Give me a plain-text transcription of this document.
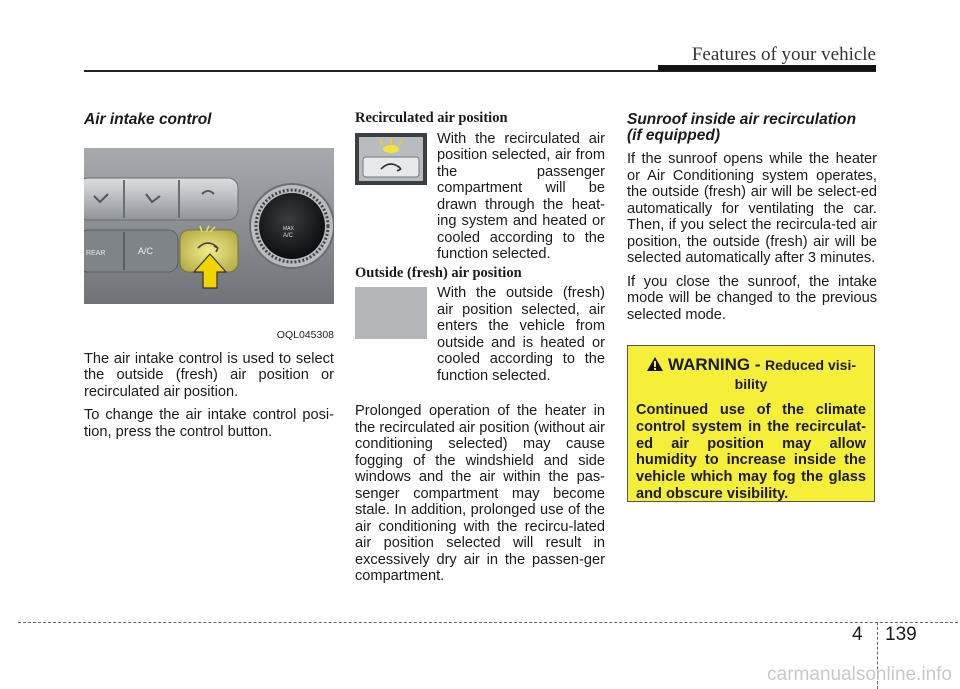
Features of your vehicle
Air intake control
REAR	A/C
MAX
A/C
OQL045308

The air intake control is used to select the outside (fresh) air position or recirculated air position.

To change the air intake control posi-tion, press the control button.

Recirculated air position

With the recirculated air position selected, air from the passenger compartment will be drawn through the heat-ing system and heated or cooled according to the function selected.

Outside (fresh) air position

With the outside (fresh) air position selected, air enters the vehicle from outside and is heated or cooled according to the function selected.

Prolonged operation of the heater in the recirculated air position (without air conditioning selected) may cause fogging of the windshield and side windows and the air within the pas-senger compartment may become stale. In addition, prolonged use of the air conditioning with the recircu-lated air position selected will result in excessively dry air in the passen-ger compartment.

Sunroof inside air recirculation
(if equipped)

If the sunroof opens while the heater or Air Conditioning system operates, the outside (fresh) air will be select-ed automatically for ventilating the car. Then, if you select the recircula-ted air position, the outside (fresh) air will be selected automatically after 3 minutes.

If you close the sunroof, the intake mode will be changed to the previous selected mode.

WARNING - Reduced visi-
bility
Continued use of the climate control system in the recirculat-ed air position may allow humidity to increase inside the vehicle which may fog the glass and obscure visibility.
4 139
carmanualsonline.info
